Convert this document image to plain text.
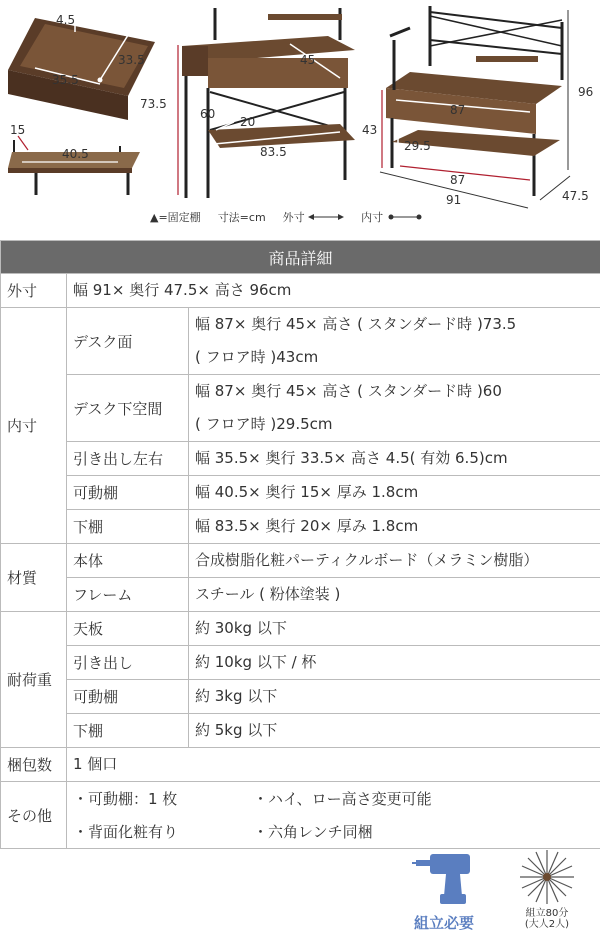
4.5
33.5
35.5
15
40.5
45
73.5
60
20
83.5
87
43
29.5
87
91	47.5
96
▲=固定棚 寸法=cm 外寸	内寸
商品詳細		
外寸	幅 91× 奥行 47.5× 高さ 96cm	
内寸	デスク面	幅 87× 奥行 45× 高さ ( スタンダード時 )73.5
( フロア時 )43cm

	デスク下空間	幅 87× 奥行 45× 高さ ( スタンダード時 )60
( フロア時 )29.5cm

	引き出し左右	幅 35.5× 奥行 33.5× 高さ 4.5( 有効 6.5)cm
	可動棚	幅 40.5× 奥行 15× 厚み 1.8cm
	下棚	幅 83.5× 奥行 20× 厚み 1.8cm
材質	本体	合成樹脂化粧パーティクルボード（メラミン樹脂）
	フレーム	スチール ( 粉体塗装 )
耐荷重	天板	約 30kg 以下
	引き出し	約 10kg 以下 / 杯
	可動棚	約 3kg 以下
	下棚	約 5kg 以下
梱包数	1 個口	
その他	・可動棚：1 枚 ・ハイ、ロー高さ変更可能
・背面化粧有り ・六角レンチ同梱	
組立必要
組立80分
(大人2人)
